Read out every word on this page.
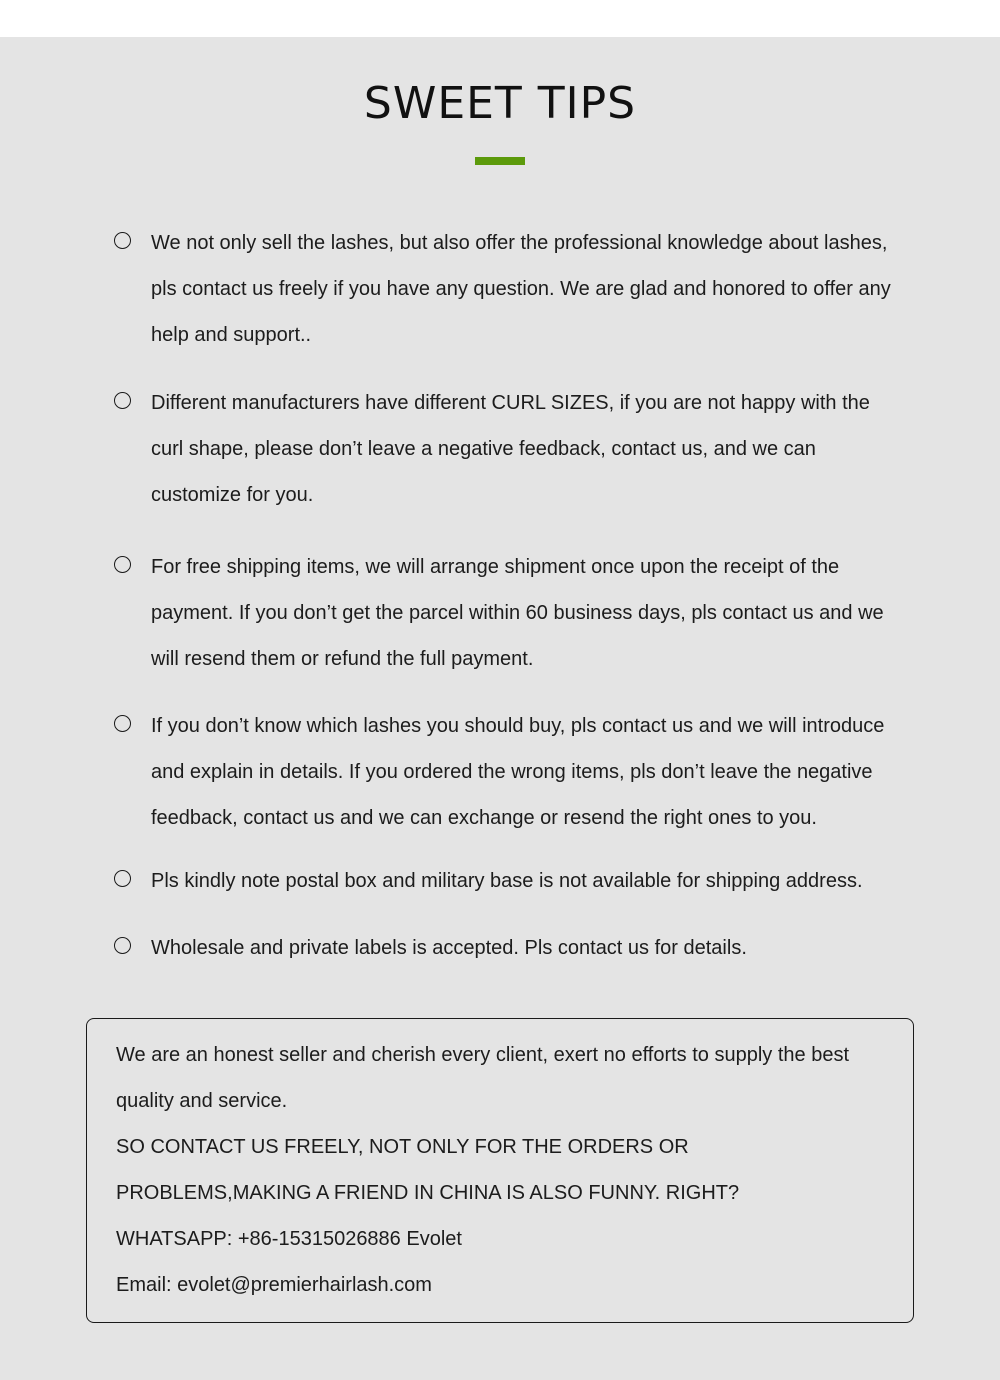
SWEET TIPS
We not only sell the lashes, but also offer the professional knowledge about lashes, pls contact us freely if you have any question. We are glad and honored to offer any help and support..
Different manufacturers have different CURL SIZES, if you are not happy with the curl shape, please don’t leave a negative feedback, contact us, and we can customize for you.
For free shipping items, we will arrange shipment once upon the receipt of the payment. If you don’t get the parcel within 60 business days, pls contact us and we will resend them or refund the full payment.
If you don’t know which lashes you should buy, pls contact us and we will introduce and explain in details. If you ordered the wrong items, pls don’t leave the negative feedback, contact us and we can exchange or resend the right ones to you.
Pls kindly note postal box and military base is not available for shipping address.
Wholesale and private labels is accepted. Pls contact us for details.

We are an honest seller and cherish every client, exert no efforts to supply the best quality and service.

SO CONTACT US FREELY, NOT ONLY FOR THE ORDERS OR PROBLEMS,MAKING A FRIEND IN CHINA IS ALSO FUNNY. RIGHT?

WHATSAPP: +86-15315026886 Evolet

Email: evolet@premierhairlash.com
